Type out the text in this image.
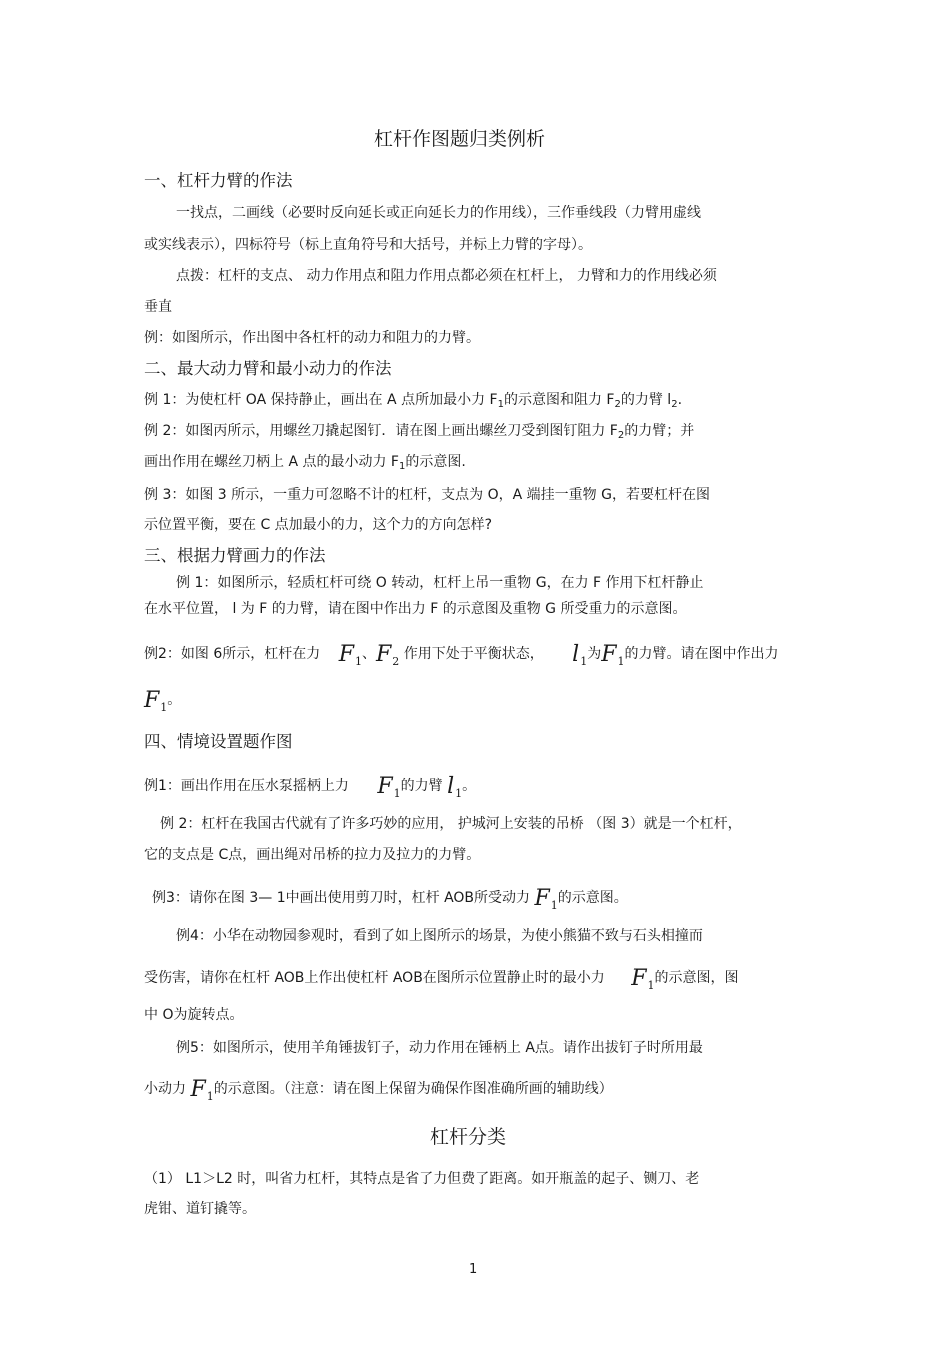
杠杆作图题归类例析
一、杠杆力臂的作法
一找点，二画线（必要时反向延长或正向延长力的作用线），三作垂线段（力臂用虚线
或实线表示），四标符号（标上直角符号和大括号，并标上力臂的字母）。
点拨：杠杆的支点、 动力作用点和阻力作用点都必须在杠杆上， 力臂和力的作用线必须
垂直
例：如图所示，作出图中各杠杆的动力和阻力的力臂。
二、最大动力臂和最小动力的作法
例 1：为使杠杆 OA 保持静止，画出在 A 点所加最小力 $F_1$的示意图和阻力 $F_2$的力臂 $l_2$.
例 2：如图丙所示，用螺丝刀撬起图钉．请在图上画出螺丝刀受到图钉阻力 $F_2$的力臂；并
画出作用在螺丝刀柄上 A 点的最小动力 $F_1$的示意图.
例 3：如图 3 所示，一重力可忽略不计的杠杆，支点为 O，A 端挂一重物 G，若要杠杆在图
示位置平衡，要在 C 点加最小的力，这个力的方向怎样?
三、根据力臂画力的作法
例 1：如图所示，轻质杠杆可绕 O 转动，杠杆上吊一重物 G，在力 F 作用下杠杆静止
在水平位置， l 为 F 的力臂，请在图中作出力 F 的示意图及重物 G 所受重力的示意图。
例2：如图 6所示，杠杆在力 $F_1$、$F_2$ 作用下处于平衡状态， $l_1$为$F_1$的力臂。请在图中作出力
$F_1$。
四、情境设置题作图
例1：画出作用在压水泵摇柄上力 $F_1$的力臂 $l_1$。
例 2：杠杆在我国古代就有了许多巧妙的应用， 护城河上安装的吊桥 （图 3）就是一个杠杆，
它的支点是 C点，画出绳对吊桥的拉力及拉力的力臂。
例3：请你在图 3— 1中画出使用剪刀时，杠杆 AOB所受动力 $F_1$的示意图。
例4：小华在动物园参观时，看到了如上图所示的场景，为使小熊猫不致与石头相撞而
受伤害，请你在杠杆 AOB上作出使杠杆 AOB在图所示位置静止时的最小力 $F_1$的示意图，图
中 O为旋转点。
例5：如图所示，使用羊角锤拔钉子，动力作用在锤柄上 A点。请作出拔钉子时所用最
小动力 $F_1$的示意图。（注意：请在图上保留为确保作图准确所画的辅助线）
杠杆分类
（1） L1＞L2 时，叫省力杠杆，其特点是省了力但费了距离。如开瓶盖的起子、铡刀、老
虎钳、道钉撬等。
1
